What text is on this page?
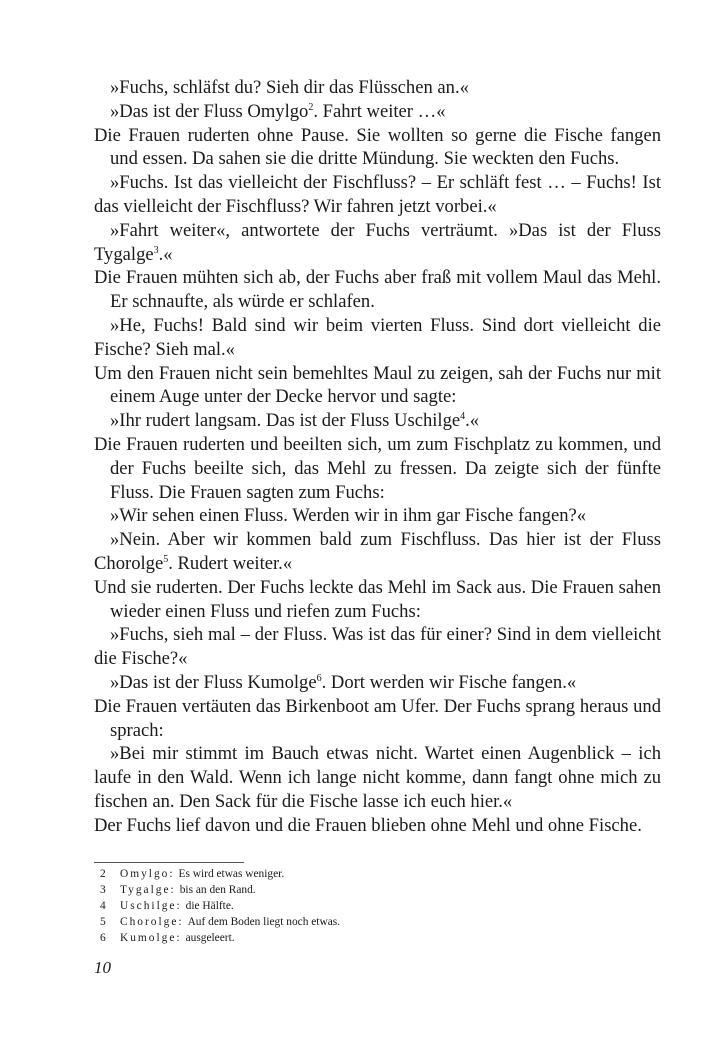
»Fuchs, schläfst du? Sieh dir das Flüsschen an.«

»Das ist der Fluss Omylgo$^2$. Fahrt weiter …«

Die Frauen ruderten ohne Pause. Sie wollten so gerne die Fische fangen und essen. Da sahen sie die dritte Mündung. Sie weckten den Fuchs.

»Fuchs. Ist das vielleicht der Fischfluss? – Er schläft fest … – Fuchs! Ist das vielleicht der Fischfluss? Wir fahren jetzt vorbei.«

»Fahrt weiter«, antwortete der Fuchs verträumt. »Das ist der Fluss Tygalge$^3$.«

Die Frauen mühten sich ab, der Fuchs aber fraß mit vollem Maul das Mehl. Er schnaufte, als würde er schlafen.

»He, Fuchs! Bald sind wir beim vierten Fluss. Sind dort vielleicht die Fische? Sieh mal.«

Um den Frauen nicht sein bemehltes Maul zu zeigen, sah der Fuchs nur mit einem Auge unter der Decke hervor und sagte:

»Ihr rudert langsam. Das ist der Fluss Uschilge$^4$.«

Die Frauen ruderten und beeilten sich, um zum Fischplatz zu kommen, und der Fuchs beeilte sich, das Mehl zu fressen. Da zeigte sich der fünfte Fluss. Die Frauen sagten zum Fuchs:

»Wir sehen einen Fluss. Werden wir in ihm gar Fische fangen?«

»Nein. Aber wir kommen bald zum Fischfluss. Das hier ist der Fluss Chorolge$^5$. Rudert weiter.«

Und sie ruderten. Der Fuchs leckte das Mehl im Sack aus. Die Frauen sahen wieder einen Fluss und riefen zum Fuchs:

»Fuchs, sieh mal – der Fluss. Was ist das für einer? Sind in dem vielleicht die Fische?«

»Das ist der Fluss Kumolge$^6$. Dort werden wir Fische fangen.«

Die Frauen vertäuten das Birkenboot am Ufer. Der Fuchs sprang heraus und sprach:

»Bei mir stimmt im Bauch etwas nicht. Wartet einen Augenblick – ich laufe in den Wald. Wenn ich lange nicht komme, dann fangt ohne mich zu fischen an. Den Sack für die Fische lasse ich euch hier.«

Der Fuchs lief davon und die Frauen blieben ohne Mehl und ohne Fische.

2	Omylgo: Es wird etwas weniger.
3	Tygalge: bis an den Rand.
4	Uschilge: die Hälfte.
5	Chorolge: Auf dem Boden liegt noch etwas.
6	Kumolge: ausgeleert.
10
